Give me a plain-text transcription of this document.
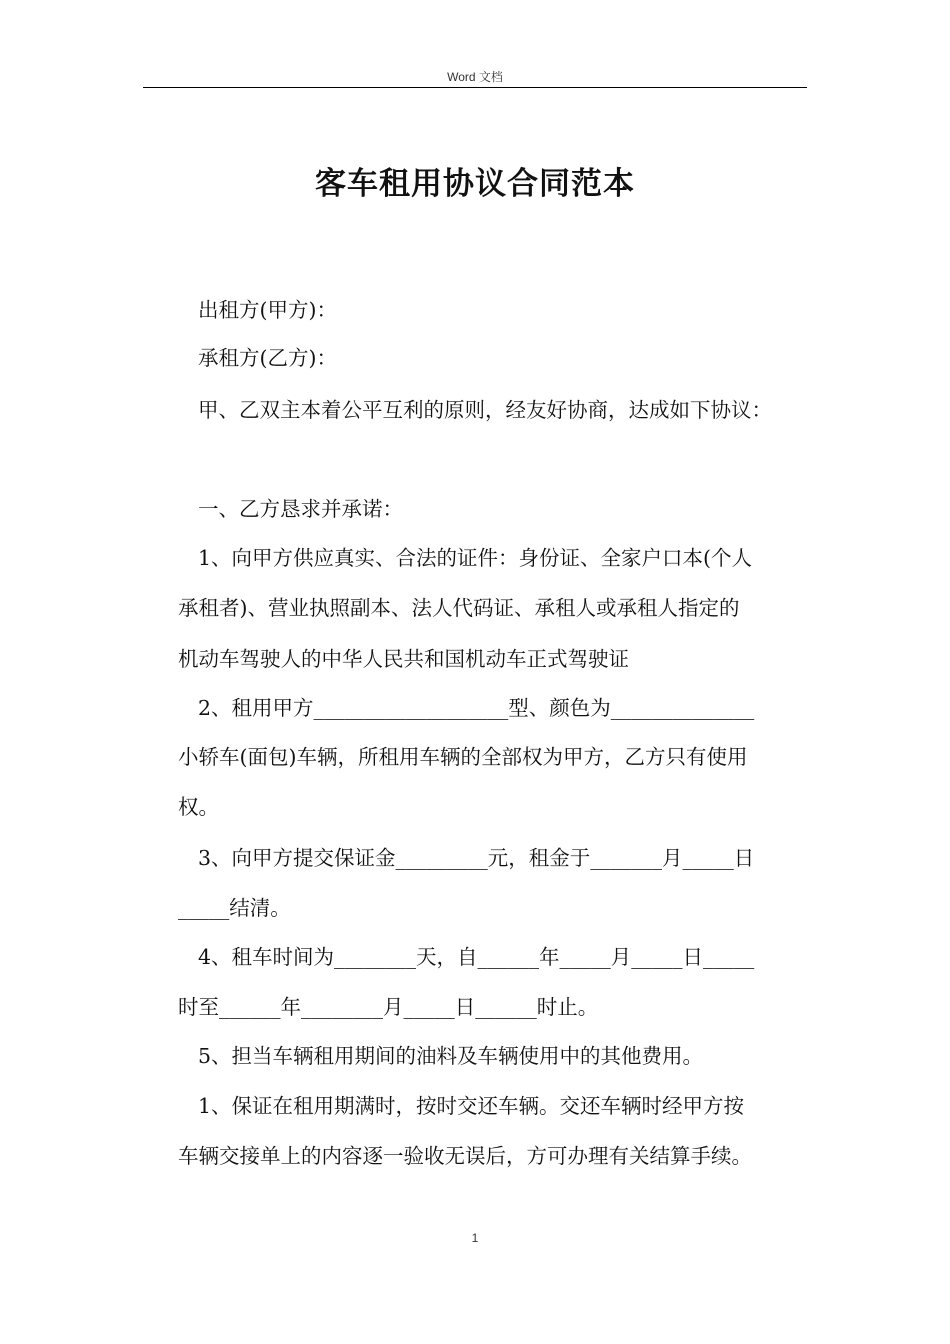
Word 文档
客车租用协议合同范本
出租方(甲方)：
承租方(乙方)：
甲、乙双主本着公平互利的原则，经友好协商，达成如下协议：
一、乙方恳求并承诺：
1、向甲方供应真实、合法的证件：身份证、全家户口本(个人
承租者)、营业执照副本、法人代码证、承租人或承租人指定的
机动车驾驶人的中华人民共和国机动车正式驾驶证
2、租用甲方___________________型、颜色为______________
小轿车(面包)车辆，所租用车辆的全部权为甲方，乙方只有使用
权。
3、向甲方提交保证金_________元，租金于_______月_____日
_____结清。
4、租车时间为________天，自______年_____月_____日_____
时至______年________月_____日______时止。
5、担当车辆租用期间的油料及车辆使用中的其他费用。
1、保证在租用期满时，按时交还车辆。交还车辆时经甲方按
车辆交接单上的内容逐一验收无误后，方可办理有关结算手续。
1
